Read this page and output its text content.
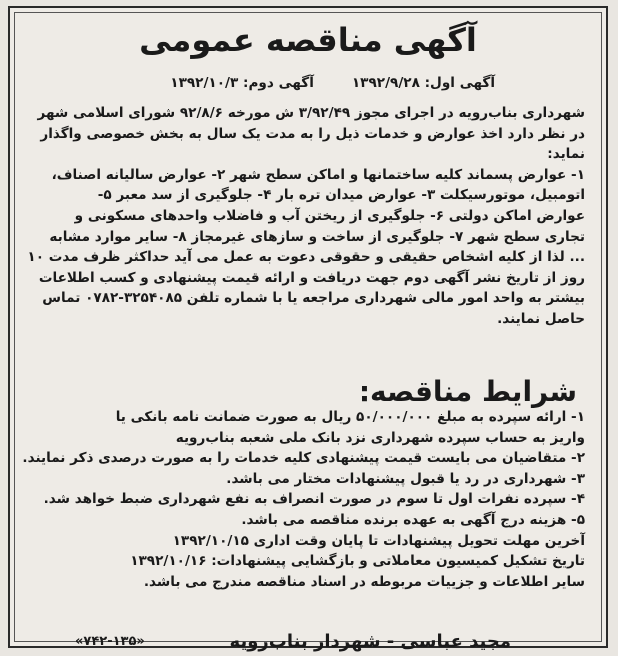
آگهی مناقصه عمومی
آگهی اول: ۱۳۹۲/۹/۲۸
آگهی دوم: ۱۳۹۲/۱۰/۳
شهرداری بناب‌رویه در اجرای مجوز ۳/۹۲/۴۹ ش مورخه ۹۲/۸/۶ شورای اسلامی شهر
در نظر دارد اخذ عوارض و خدمات ذیل را به مدت یک سال به بخش خصوصی واگذار
نماید:
۱- عوارض پسماند کلیه ساختمانها و اماکن سطح شهر ۲- عوارض سالیانه اصناف،
اتومبیل، موتورسیکلت ۳- عوارض میدان تره بار ۴- جلوگیری از سد معبر ۵-
عوارض اماکن دولتی ۶- جلوگیری از ریختن آب و فاضلاب واحدهای مسکونی و
تجاری سطح شهر ۷- جلوگیری از ساخت و سازهای غیرمجاز ۸- سایر موارد مشابه
... لذا از کلیه اشخاص حقیقی و حقوقی دعوت به عمل می آید حداکثر ظرف مدت ۱۰
روز از تاریخ نشر آگهی دوم جهت دریافت و ارائه قیمت پیشنهادی و کسب اطلاعات
بیشتر به واحد امور مالی شهرداری مراجعه یا با شماره تلفن ۳۲۵۴۰۸۵-۰۷۸۲ تماس
حاصل نمایند.
شرایط مناقصه:
۱- ارائه سپرده به مبلغ ۵۰/۰۰۰/۰۰۰ ریال به صورت ضمانت نامه بانکی یا
واریز به حساب سپرده شهرداری نزد بانک ملی شعبه بناب‌رویه
۲- متقاضیان می بایست قیمت پیشنهادی کلیه خدمات را به صورت درصدی ذکر نمایند.
۳- شهرداری در رد یا قبول پیشنهادات مختار می باشد.
۴- سپرده نفرات اول تا سوم در صورت انصراف به نفع شهرداری ضبط خواهد شد.
۵- هزینه درج آگهی به عهده برنده مناقصه می باشد.
آخرین مهلت تحویل پیشنهادات تا پایان وقت اداری ۱۳۹۲/۱۰/۱۵
تاریخ تشکیل کمیسیون معاملاتی و بازگشایی پیشنهادات: ۱۳۹۲/۱۰/۱۶
سایر اطلاعات و جزییات مربوطه در اسناد مناقصه مندرج می باشد.
مجید عباسی - شهردار بناب‌رویه
«۷۴۲-۱۳۵»
